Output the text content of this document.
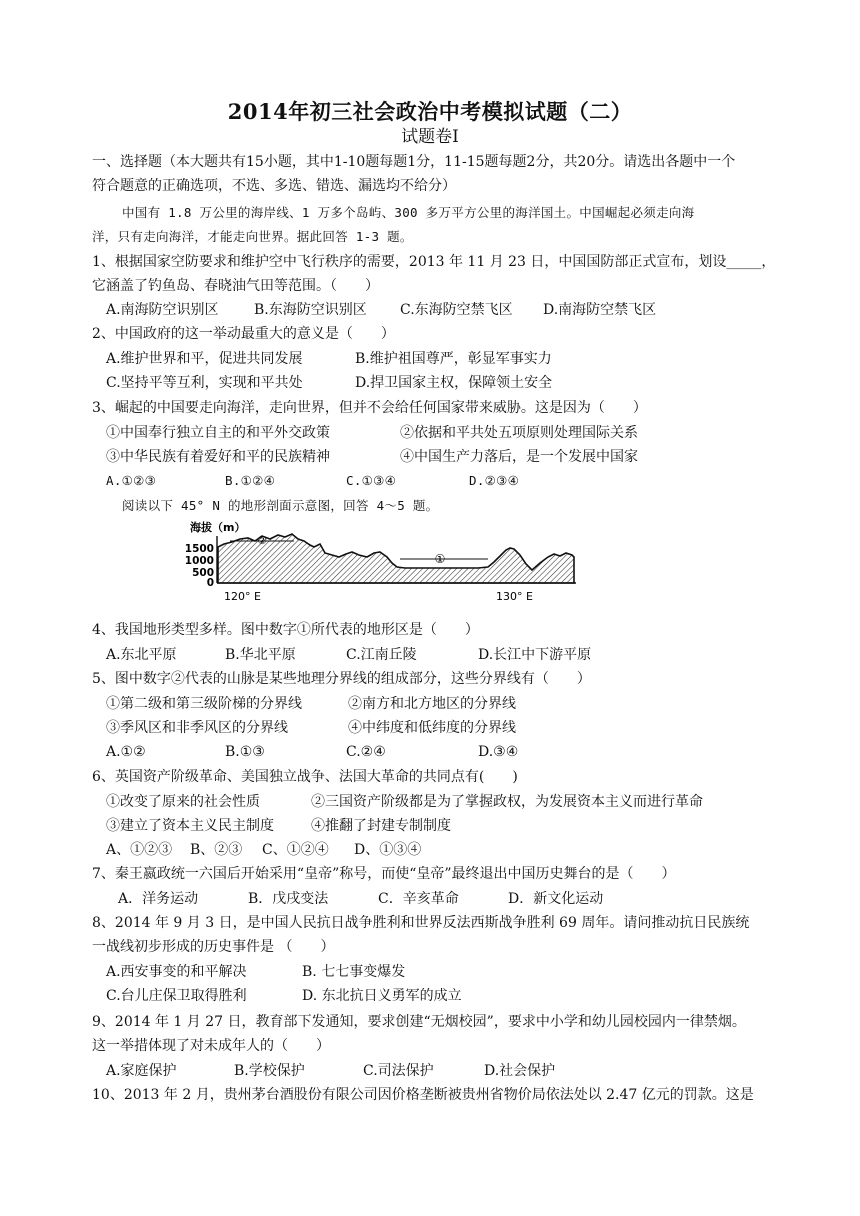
2014年初三社会政治中考模拟试题（二）
试题卷Ⅰ
一、选择题（本大题共有15小题，其中1-10题每题1分，11-15题每题2分，共20分。请选出各题中一个
符合题意的正确选项，不选、多选、错选、漏选均不给分）
中国有 1.8 万公里的海岸线、1 万多个岛屿、300 多万平方公里的海洋国土。中国崛起必须走向海
洋，只有走向海洋，才能走向世界。据此回答 1-3 题。
1、根据国家空防要求和维护空中飞行秩序的需要，2013 年 11 月 23 日，中国国防部正式宣布，划设_____，
它涵盖了钓鱼岛、春晓油气田等范围。（　　）
A.南海防空识别区	B.东海防空识别区 C.东海防空禁飞区 D.南海防空禁飞区
2、中国政府的这一举动最重大的意义是（　　）
A.维护世界和平，促进共同发展	B.维护祖国尊严，彰显军事实力
C.坚持平等互利，实现和平共处	D.捍卫国家主权，保障领土安全
3、崛起的中国要走向海洋，走向世界，但并不会给任何国家带来威胁。这是因为（　　）
①中国奉行独立自主的和平外交政策	②依据和平共处五项原则处理国际关系
③中华民族有着爱好和平的民族精神	④中国生产力落后，是一个发展中国家
A.①②③	B.①②④	C.①③④	D.②③④
阅读以下 45° N 的地形剖面示意图，回答 4～5 题。
海拔（m）
1500
1000
500
0
②
①
120° E	130° E
4、我国地形类型多样。图中数字①所代表的地形区是（　　）
A.东北平原	B.华北平原	C.江南丘陵	D.长江中下游平原
5、图中数字②代表的山脉是某些地理分界线的组成部分，这些分界线有（　　）
①第二级和第三级阶梯的分界线	②南方和北方地区的分界线
③季风区和非季风区的分界线	④中纬度和低纬度的分界线
A.①②	B.①③	C.②④	D.③④
6、英国资产阶级革命、美国独立战争、法国大革命的共同点有(　　)
①改变了原来的社会性质	②三国资产阶级都是为了掌握政权，为发展资本主义而进行革命
③建立了资本主义民主制度	④推翻了封建专制制度
A、①②③ B、②③ C、①②④ D、①③④
7、秦王嬴政统一六国后开始采用“皇帝”称号，而使“皇帝”最终退出中国历史舞台的是（　　）
A．洋务运动	B．戊戌变法	C．辛亥革命	D．新文化运动
8、2014 年 9 月 3 日，是中国人民抗日战争胜利和世界反法西斯战争胜利 69 周年。请问推动抗日民族统
一战线初步形成的历史事件是 （　　）
A.西安事变的和平解决	B. 七七事变爆发
C.台儿庄保卫取得胜利	D. 东北抗日义勇军的成立
9、2014 年 1 月 27 日，教育部下发通知，要求创建“无烟校园”，要求中小学和幼儿园校园内一律禁烟。
这一举措体现了对未成年人的（　　）
A.家庭保护	B.学校保护	C.司法保护	D.社会保护
10、2013 年 2 月，贵州茅台酒股份有限公司因价格垄断被贵州省物价局依法处以 2.47 亿元的罚款。这是
